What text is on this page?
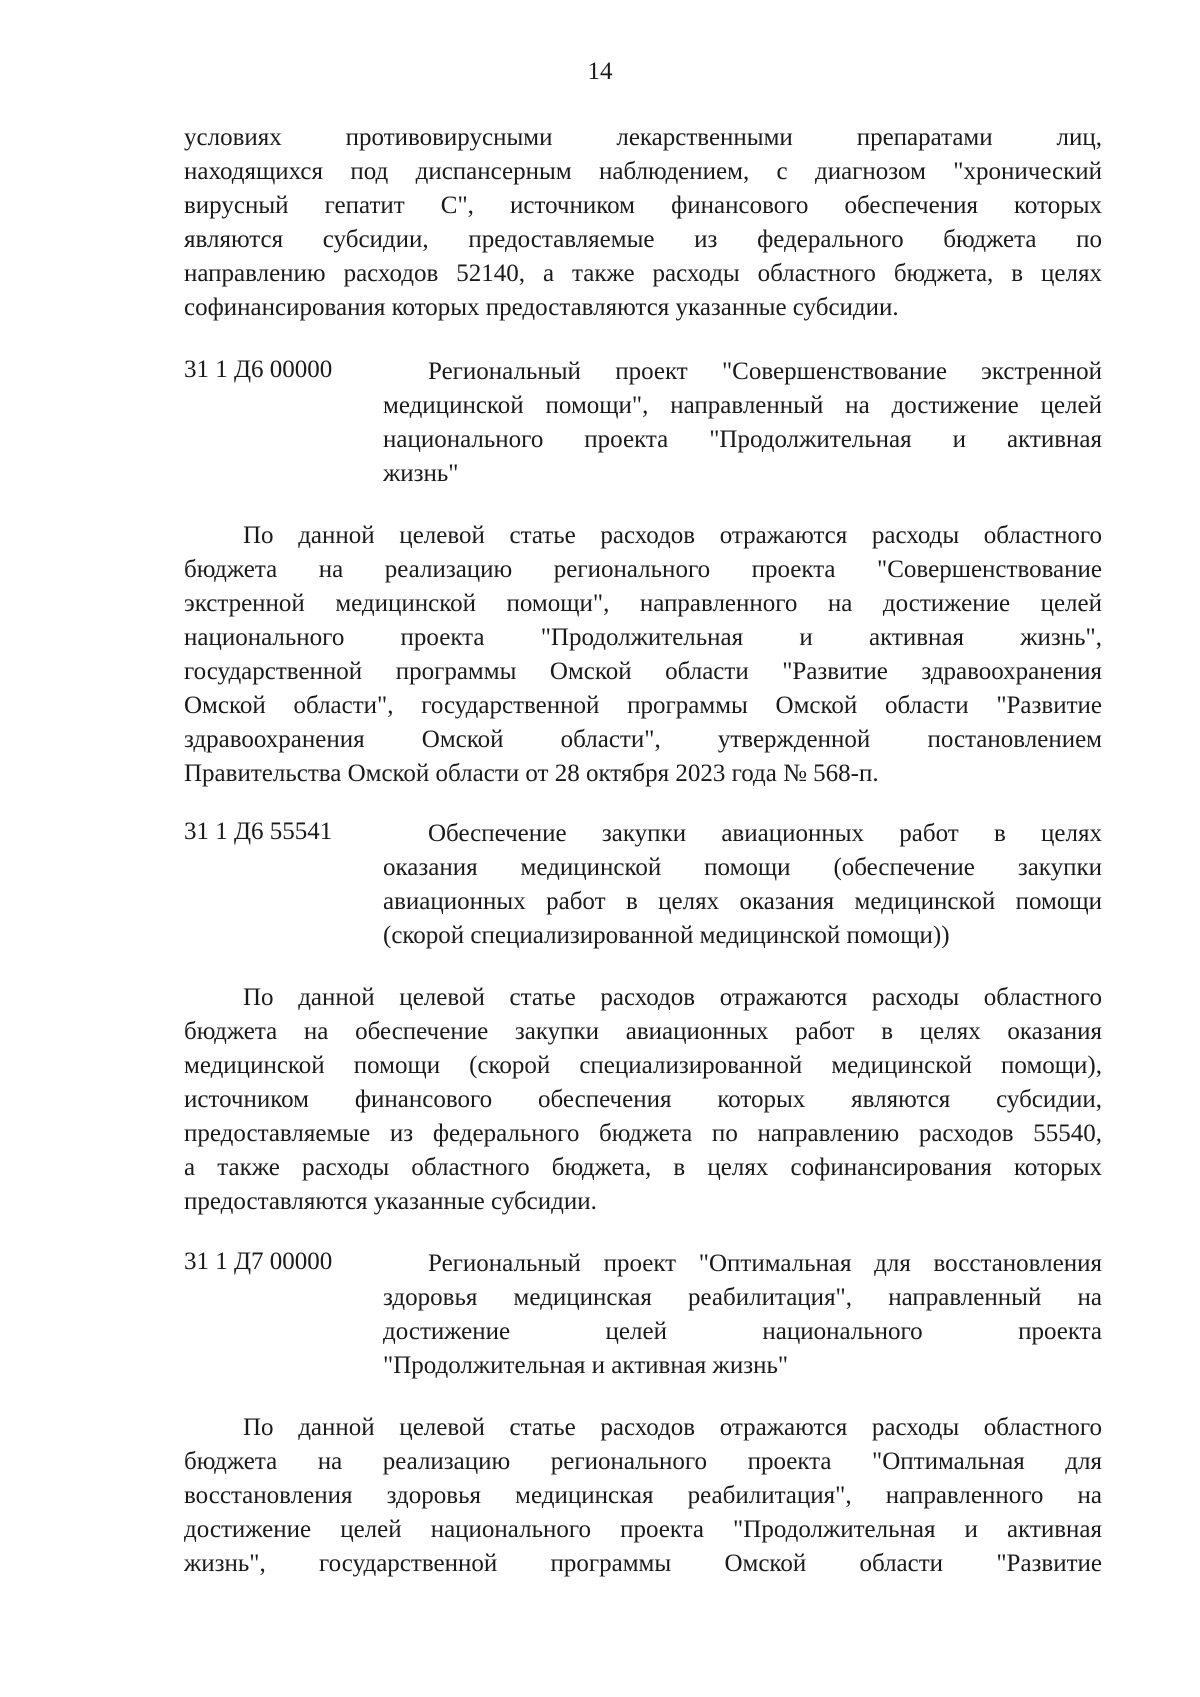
14
условиях противовирусными лекарственными препаратами лиц,
находящихся под диспансерным наблюдением, с диагнозом "хронический
вирусный гепатит С", источником финансового обеспечения которых
являются субсидии, предоставляемые из федерального бюджета по
направлению расходов 52140, а также расходы областного бюджета, в целях
софинансирования которых предоставляются указанные субсидии.
31 1 Д6 00000	Региональный проект "Совершенствование экстренной
медицинской помощи", направленный на достижение целей
национального проекта "Продолжительная и активная
жизнь"
По данной целевой статье расходов отражаются расходы областного
бюджета на реализацию регионального проекта "Совершенствование
экстренной медицинской помощи", направленного на достижение целей
национального проекта "Продолжительная и активная жизнь",
государственной программы Омской области "Развитие здравоохранения
Омской области", государственной программы Омской области "Развитие
здравоохранения Омской области", утвержденной постановлением
Правительства Омской области от 28 октября 2023 года № 568-п.
31 1 Д6 55541	Обеспечение закупки авиационных работ в целях
оказания медицинской помощи (обеспечение закупки
авиационных работ в целях оказания медицинской помощи
(скорой специализированной медицинской помощи))
По данной целевой статье расходов отражаются расходы областного
бюджета на обеспечение закупки авиационных работ в целях оказания
медицинской помощи (скорой специализированной медицинской помощи),
источником финансового обеспечения которых являются субсидии,
предоставляемые из федерального бюджета по направлению расходов 55540,
а также расходы областного бюджета, в целях софинансирования которых
предоставляются указанные субсидии.
31 1 Д7 00000	Региональный проект "Оптимальная для восстановления
здоровья медицинская реабилитация", направленный на
достижение целей национального проекта
"Продолжительная и активная жизнь"
По данной целевой статье расходов отражаются расходы областного
бюджета на реализацию регионального проекта "Оптимальная для
восстановления здоровья медицинская реабилитация", направленного на
достижение целей национального проекта "Продолжительная и активная
жизнь", государственной программы Омской области "Развитие
